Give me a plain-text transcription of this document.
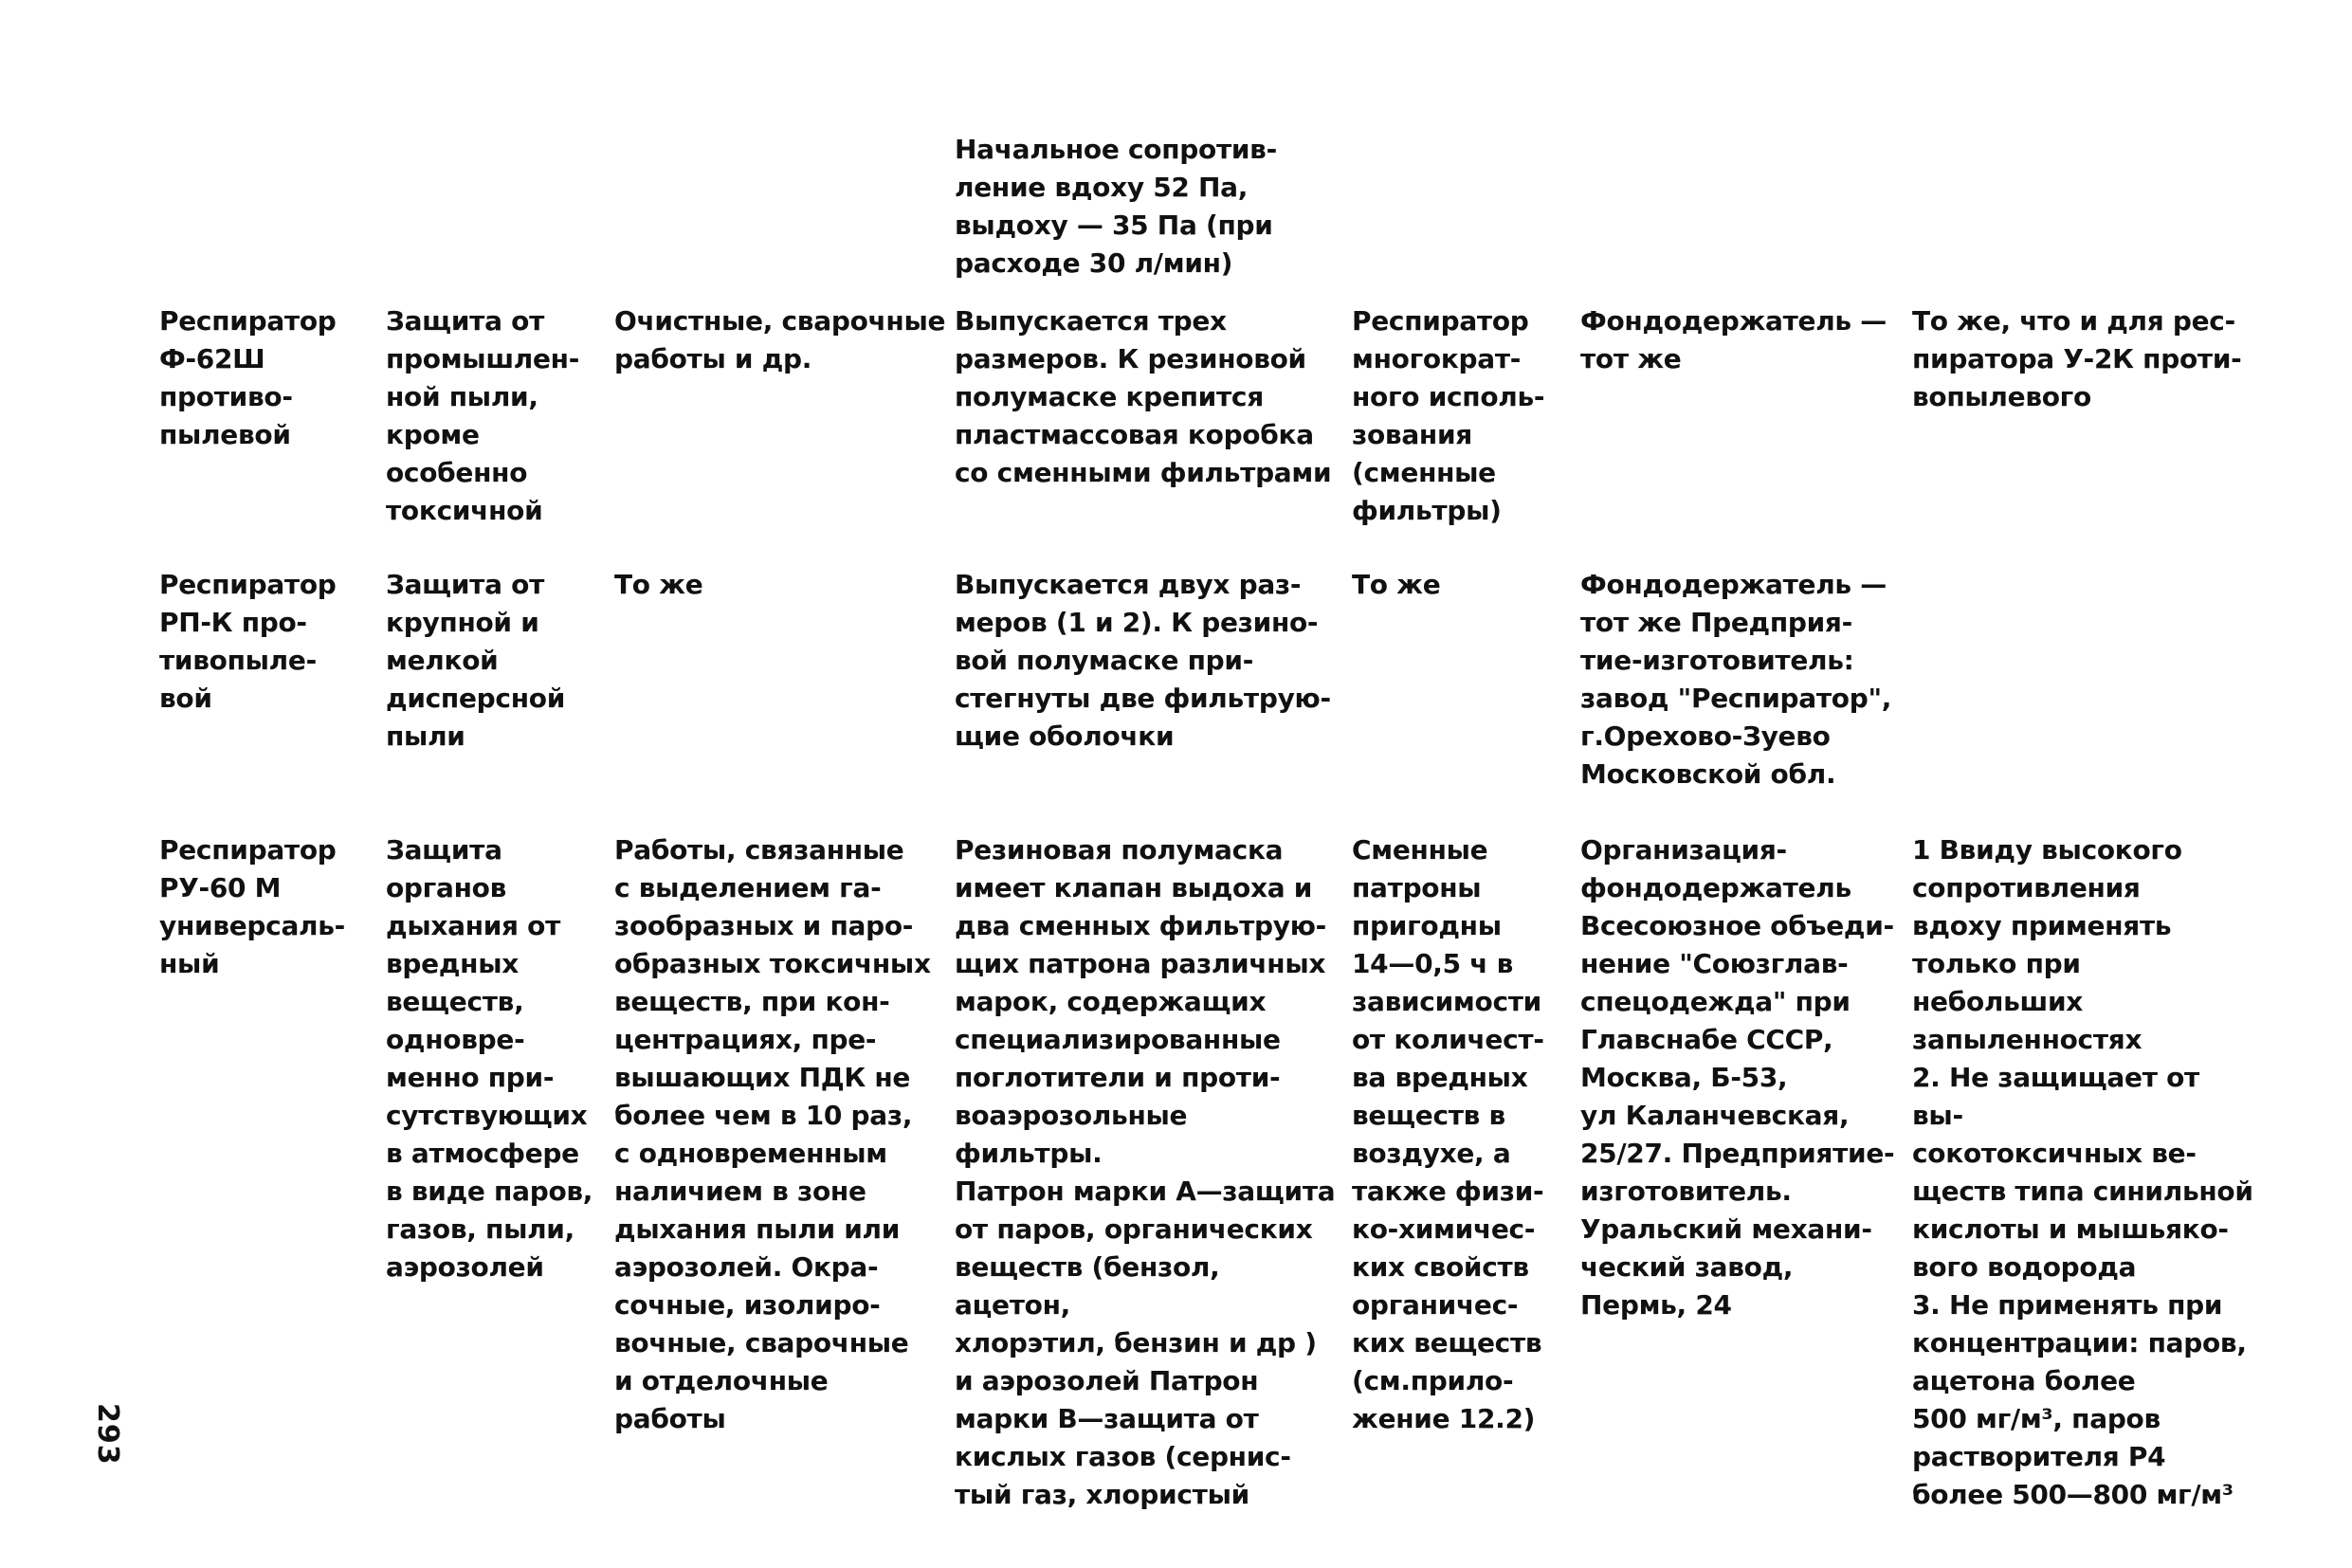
Начальное сопротив-
ление вдоху 52 Па,
выдоху — 35 Па (при
расходе 30 л/мин)
Респиратор
Ф-62Ш
противо-
пылевой
Защита от
промышлен-
ной пыли,
кроме
особенно
токсичной
Очистные, сварочные
работы и др.
Выпускается трех
размеров. К резиновой
полумаске крепится
пластмассовая коробка
со сменными фильтрами
Респиратор
многократ-
ного исполь-
зования
(сменные
фильтры)
Фондодержатель —
тот же
То же, что и для рес-
пиратора У-2К проти-
вопылевого
Респиратор
РП-К про-
тивопыле-
вой
Защита от
крупной и
мелкой
дисперсной
пыли
То же	Выпускается двух раз-
меров (1 и 2). К резино-
вой полумаске при-
стегнуты две фильтрую-
щие оболочки
То же	Фондодержатель —
тот же Предприя-
тие-изготовитель:
завод "Респиратор",
г.Орехово-Зуево
Московской обл.
Респиратор
РУ-60 М
универсаль-
ный
Защита
органов
дыхания от
вредных
веществ,
одновре-
менно при-
сутствующих
в атмосфере
в виде паров,
газов, пыли,
аэрозолей
Работы, связанные
с выделением га-
зообразных и паро-
образных токсичных
веществ, при кон-
центрациях, пре-
вышающих ПДК не
более чем в 10 раз,
с одновременным
наличием в зоне
дыхания пыли или
аэрозолей. Окра-
сочные, изолиро-
вочные, сварочные
и отделочные
работы
Резиновая полумаска
имеет клапан выдоха и
два сменных фильтрую-
щих патрона различных
марок, содержащих
специализированные
поглотители и проти-
воаэрозольные фильтры.
Патрон марки А—защита
от паров, органических
веществ (бензол, ацетон,
хлорэтил, бензин и др )
и аэрозолей Патрон
марки В—защита от
кислых газов (сернис-
тый газ, хлористый
Сменные
патроны
пригодны
14—0,5 ч в
зависимости
от количест-
ва вредных
веществ в
воздухе, а
также физи-
ко-химичес-
ких свойств
органичес-
ких веществ
(см.прило-
жение 12.2)
Организация-
фондодержатель
Всесоюзное объеди-
нение "Союзглав-
спецодежда" при
Главснабе СССР,
Москва, Б-53,
ул Каланчевская,
25/27. Предприятие-
изготовитель.
Уральский механи-
ческий завод,
Пермь, 24
1 Ввиду высокого
сопротивления
вдоху применять
только при небольших
запыленностях
2. Не защищает от вы-
сокотоксичных ве-
ществ типа синильной
кислоты и мышьяко-
вого водорода
3. Не применять при
концентрации: паров,
ацетона более
500 мг/м³, паров
растворителя Р4
более 500—800 мг/м³
293
